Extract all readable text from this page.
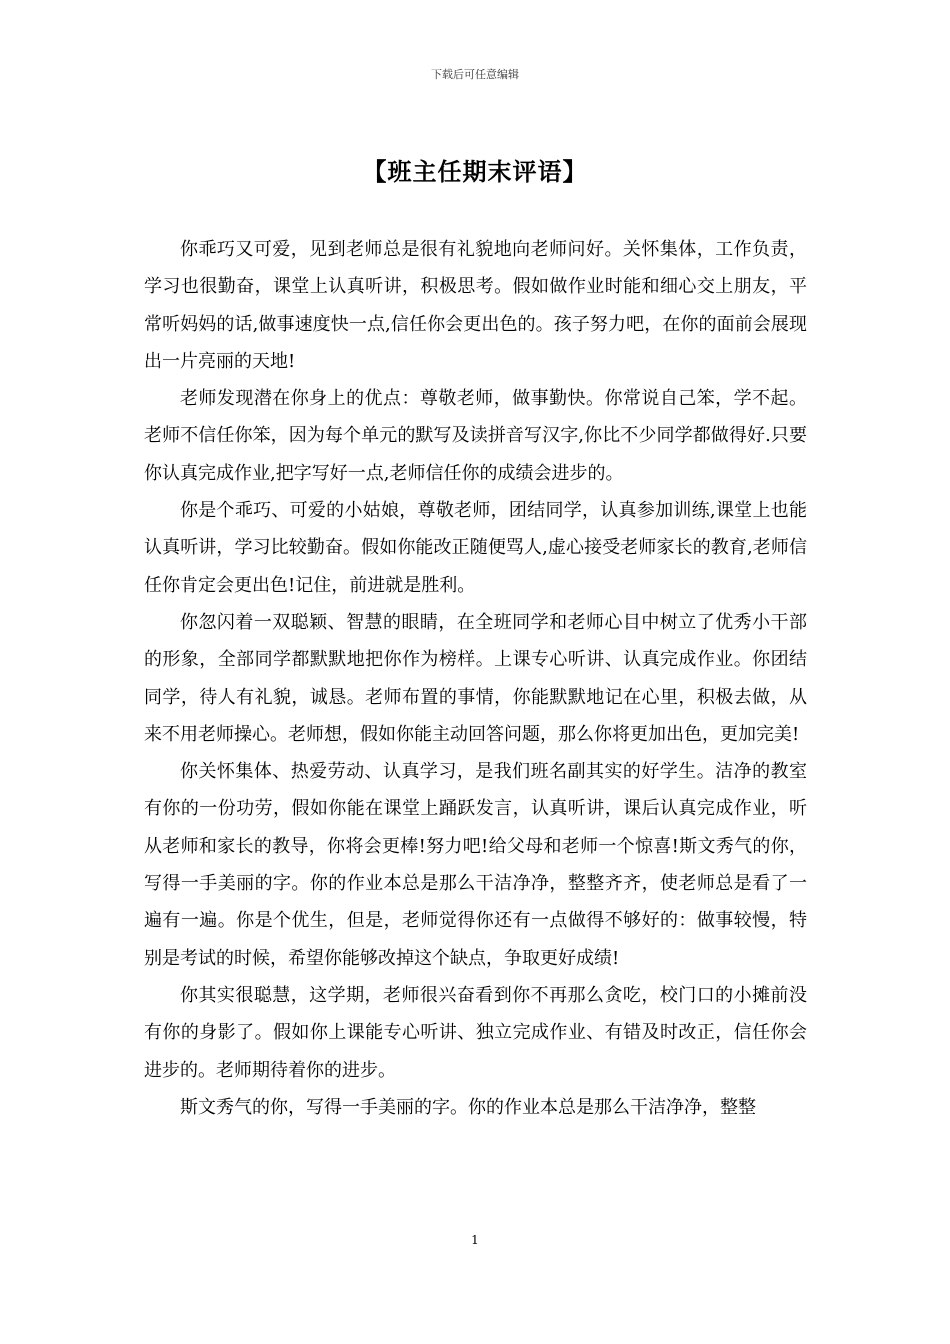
下载后可任意编辑
【班主任期末评语】

你乖巧又可爱，见到老师总是很有礼貌地向老师问好。关怀集体，工作负责，学习也很勤奋，课堂上认真听讲，积极思考。假如做作业时能和细心交上朋友，平常听妈妈的话,做事速度快一点,信任你会更出色的。孩子努力吧，在你的面前会展现出一片亮丽的天地!

老师发现潜在你身上的优点：尊敬老师，做事勤快。你常说自己笨，学不起。老师不信任你笨，因为每个单元的默写及读拼音写汉字,你比不少同学都做得好.只要你认真完成作业,把字写好一点,老师信任你的成绩会进步的。

你是个乖巧、可爱的小姑娘，尊敬老师，团结同学，认真参加训练,课堂上也能认真听讲，学习比较勤奋。假如你能改正随便骂人,虚心接受老师家长的教育,老师信任你肯定会更出色!记住，前进就是胜利。

你忽闪着一双聪颖、智慧的眼睛，在全班同学和老师心目中树立了优秀小干部的形象，全部同学都默默地把你作为榜样。上课专心听讲、认真完成作业。你团结同学，待人有礼貌，诚恳。老师布置的事情，你能默默地记在心里，积极去做，从来不用老师操心。老师想，假如你能主动回答问题，那么你将更加出色，更加完美!

你关怀集体、热爱劳动、认真学习，是我们班名副其实的好学生。洁净的教室有你的一份功劳，假如你能在课堂上踊跃发言，认真听讲，课后认真完成作业，听从老师和家长的教导，你将会更棒!努力吧!给父母和老师一个惊喜!斯文秀气的你，写得一手美丽的字。你的作业本总是那么干洁净净，整整齐齐，使老师总是看了一遍有一遍。你是个优生，但是，老师觉得你还有一点做得不够好的：做事较慢，特别是考试的时候，希望你能够改掉这个缺点，争取更好成绩!

你其实很聪慧，这学期，老师很兴奋看到你不再那么贪吃，校门口的小摊前没有你的身影了。假如你上课能专心听讲、独立完成作业、有错及时改正，信任你会进步的。老师期待着你的进步。

斯文秀气的你，写得一手美丽的字。你的作业本总是那么干洁净净，整整

1
